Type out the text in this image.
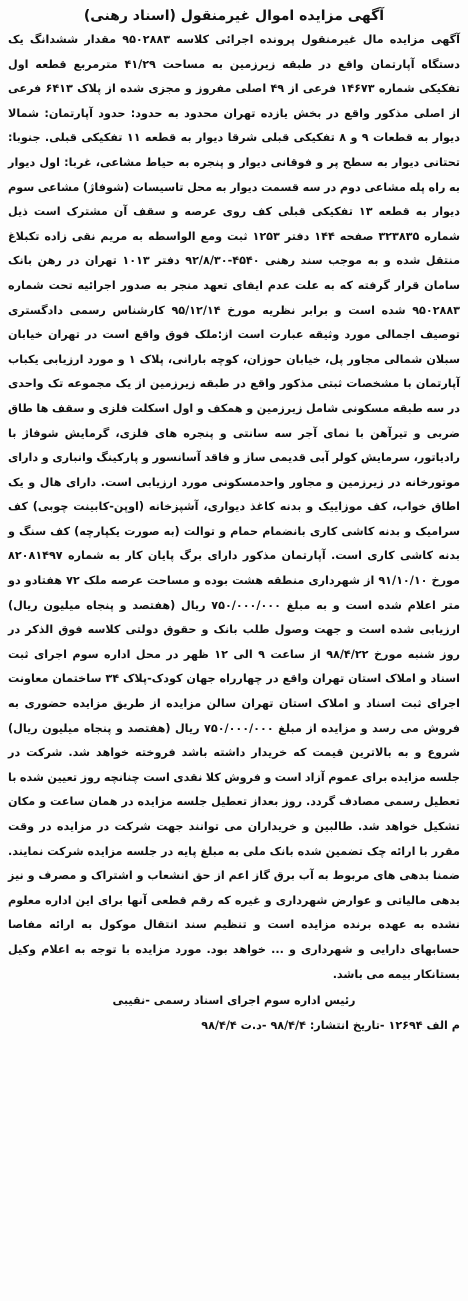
آگهی مزایده اموال غیرمنقول (اسناد رهنی)

آگهی مزایده مال غیرمنقول پرونده اجرائی کلاسه ۹۵۰۲۸۸۳ مقدار ششدانگ یک دستگاه آپارتمان واقع در طبقه زیرزمین به مساحت ۴۱/۲۹ مترمربع قطعه اول تفکیکی شماره ۱۴۶۷۳ فرعی از ۴۹ اصلی مفروز و مجزی شده از پلاک ۶۴۱۳ فرعی از اصلی مذکور واقع در بخش یازده تهران محدود به حدود: حدود آپارتمان: شمالا دیوار به قطعات ۹ و ۸ تفکیکی قبلی شرقا دیوار به قطعه ۱۱ تفکیکی قبلی. جنوبا: تحتانی دیوار به سطح پر و فوقانی دیوار و پنجره به حیاط مشاعی، غربا: اول دیوار به راه پله مشاعی دوم در سه قسمت دیوار به محل تاسیسات (شوفاژ) مشاعی سوم دیوار به قطعه ۱۳ تفکیکی قبلی کف روی عرصه و سقف آن مشترک است ذیل شماره ۳۲۳۸۳۵ صفحه ۱۴۴ دفتر ۱۲۵۳ ثبت ومع الواسطه به مریم نقی زاده تکبلاغ منتقل شده و به موجب سند رهنی ۴۵۴۰-۹۲/۸/۳۰ دفتر ۱۰۱۳ تهران در رهن بانک سامان قرار گرفته که به علت عدم ایفای تعهد منجر به صدور اجرائیه تحت شماره ۹۵۰۲۸۸۳ شده است و برابر نظریه مورخ ۹۵/۱۲/۱۴ کارشناس رسمی دادگستری توصیف اجمالی مورد وثیقه عبارت است از:ملک فوق واقع است در تهران خیابان سبلان شمالی مجاور پل، خیابان حوزان، کوچه بارانی، پلاک ۱ و مورد ارزیابی یکباب آپارتمان با مشخصات ثبتی مذکور واقع در طبقه زیرزمین از یک مجموعه تک واحدی در سه طبقه مسکونی شامل زیرزمین و همکف و اول اسکلت فلزی و سقف ها طاق ضربی و تیرآهن با نمای آجر سه سانتی و پنجره های فلزی، گرمایش شوفاژ با رادیاتور، سرمایش کولر آبی قدیمی ساز و فاقد آسانسور و پارکینگ وانباری و دارای موتورخانه در زیرزمین و مجاور واحدمسکونی مورد ارزیابی است. دارای هال و یک اطاق خواب، کف موزاییک و بدنه کاغذ دیواری، آشپزخانه (اوپن-کابینت چوبی) کف سرامیک و بدنه کاشی کاری بانضمام حمام و توالت (به صورت یکپارچه) کف سنگ و بدنه کاشی کاری است. آپارتمان مذکور دارای برگ پایان کار به شماره ۸۲۰۸۱۴۹۷ مورخ ۹۱/۱۰/۱۰ از شهرداری منطقه هشت بوده و مساحت عرصه ملک ۷۲ هفتادو دو متر اعلام شده است و به مبلغ ۷۵۰/۰۰۰/۰۰۰ ریال (هفتصد و پنجاه میلیون ریال) ارزیابی شده است و جهت وصول طلب بانک و حقوق دولتی کلاسه فوق الذکر در روز شنبه مورخ ۹۸/۴/۲۲ از ساعت ۹ الی ۱۲ ظهر در محل اداره سوم اجرای ثبت اسناد و املاک استان تهران واقع در چهارراه جهان کودک-پلاک ۳۴ ساختمان معاونت اجرای ثبت اسناد و املاک استان تهران سالن مزایده از طریق مزایده حضوری به فروش می رسد و مزایده از مبلغ ۷۵۰/۰۰۰/۰۰۰ ریال (هفتصد و پنجاه میلیون ریال) شروع و به بالاترین قیمت که خریدار داشته باشد فروخته خواهد شد. شرکت در جلسه مزایده برای عموم آزاد است و فروش کلا نقدی است چنانچه روز تعیین شده با تعطیل رسمی مصادف گردد. روز بعداز تعطیل جلسه مزایده در همان ساعت و مکان تشکیل خواهد شد. طالبین و خریداران می توانند جهت شرکت در مزایده در وقت مقرر با ارائه چک تضمین شده بانک ملی به مبلغ پایه در جلسه مزایده شرکت نمایند. ضمنا بدهی های مربوط به آب برق گاز اعم از حق انشعاب و اشتراک و مصرف و نیز بدهی مالیاتی و عوارض شهرداری و غیره که رقم قطعی آنها برای این اداره معلوم نشده به عهده برنده مزایده است و تنظیم سند انتقال موکول به ارائه مفاصا حسابهای دارایی و شهرداری و ... خواهد بود. مورد مزایده با توجه به اعلام وکیل بستانکار بیمه می باشد.

رئیس اداره سوم اجرای اسناد رسمی -نقیبی
م الف ۱۲۶۹۴ -تاریخ انتشار: ۹۸/۴/۴ -د.ت ۹۸/۴/۴
